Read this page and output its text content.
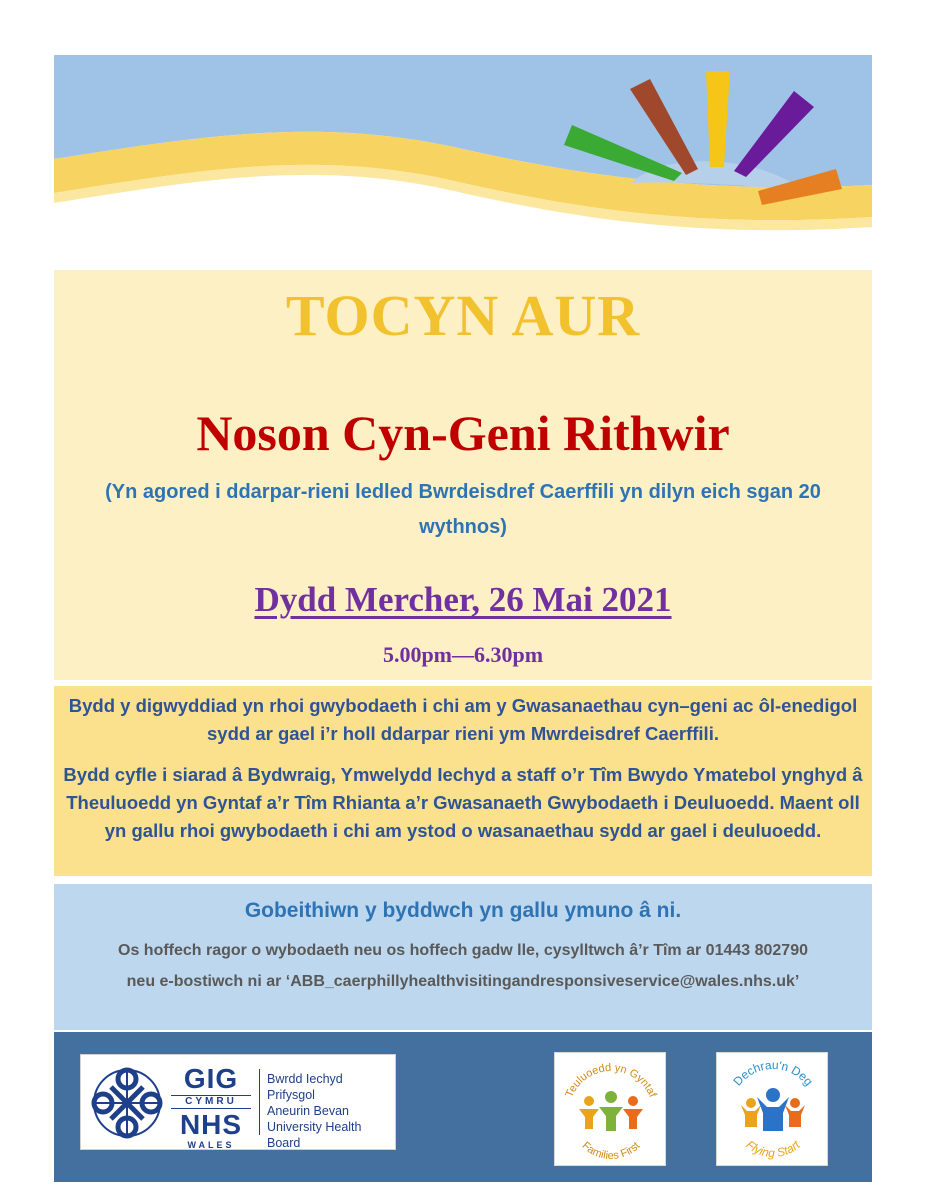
TOCYN AUR
Noson Cyn-Geni Rithwir
(Yn agored i ddarpar-rieni ledled Bwrdeisdref Caerffili yn dilyn eich sgan 20 wythnos)
Dydd Mercher, 26 Mai 2021
5.00pm—6.30pm

Bydd y digwyddiad yn rhoi gwybodaeth i chi am y Gwasanaethau cyn–geni ac ôl-enedigol sydd ar gael i’r holl ddarpar rieni ym Mwrdeisdref Caerffili.

Bydd cyfle i siarad â Bydwraig, Ymwelydd Iechyd a staff o’r Tîm Bwydo Ymatebol ynghyd â Theuluoedd yn Gyntaf a’r Tîm Rhianta a’r Gwasanaeth Gwybodaeth i Deuluoedd. Maent oll yn gallu rhoi gwybodaeth i chi am ystod o wasanaethau sydd ar gael i deuluoedd.

Gobeithiwn y byddwch yn gallu ymuno â ni.
Os hoffech ragor o wybodaeth neu os hoffech gadw lle, cysylltwch â’r Tîm ar 01443 802790
neu e-bostiwch ni ar ‘ABB_caerphillyhealthvisitingandresponsiveservice@wales.nhs.uk’
GIG
CYMRU
NHS
WALES
Bwrdd Iechyd Prifysgol
Aneurin Bevan
University Health Board
Teuluoedd yn Gyntaf
Families First
Dechrau'n Deg
Flying Start
